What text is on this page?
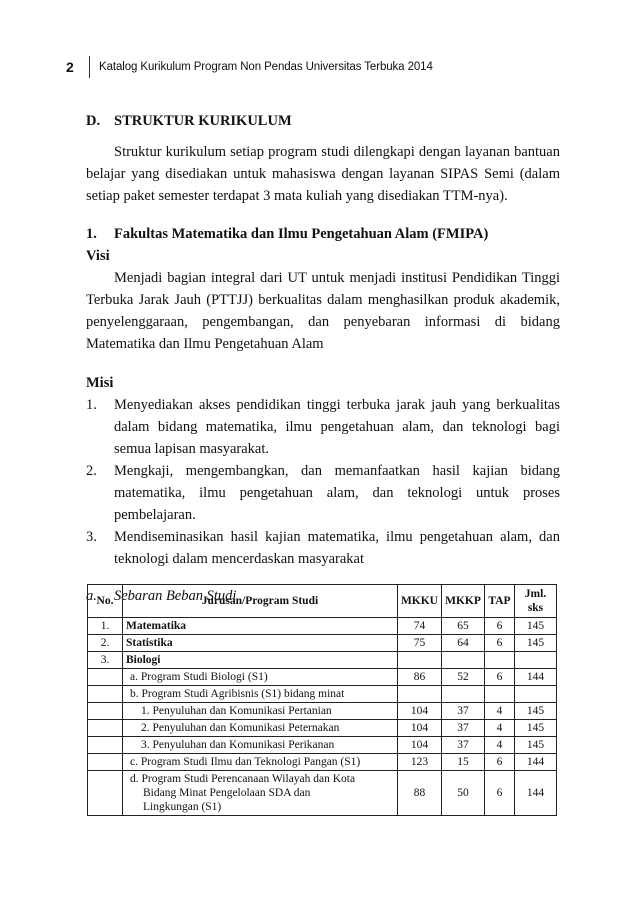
2	Katalog Kurikulum Program Non Pendas Universitas Terbuka 2014
D. STRUKTUR KURIKULUM

Struktur kurikulum setiap program studi dilengkapi dengan layanan bantuan belajar yang disediakan untuk mahasiswa dengan layanan SIPAS Semi (dalam setiap paket semester terdapat 3 mata kuliah yang disediakan TTM-nya).

1. Fakultas Matematika dan Ilmu Pengetahuan Alam (FMIPA)
Visi

Menjadi bagian integral dari UT untuk menjadi institusi Pendidikan Tinggi Terbuka Jarak Jauh (PTTJJ) berkualitas dalam menghasilkan produk akademik, penyelenggaraan, pengembangan, dan penyebaran informasi di bidang Matematika dan Ilmu Pengetahuan Alam

Misi
1. Menyediakan akses pendidikan tinggi terbuka jarak jauh yang berkualitas dalam bidang matematika, ilmu pengetahuan alam, dan teknologi bagi semua lapisan masyarakat.
2. Mengkaji, mengembangkan, dan memanfaatkan hasil kajian bidang matematika, ilmu pengetahuan alam, dan teknologi untuk proses pembelajaran.
3. Mendiseminasikan hasil kajian matematika, ilmu pengetahuan alam, dan teknologi dalam mencerdaskan masyarakat
a. Sebaran Beban Studi
No.	Jurusan/Program Studi	MKKU	MKKP	TAP	Jml. sks
1.	Matematika	74	65	6	145
2.	Statistika	75	64	6	145
3.	Biologi				
	a. Program Studi Biologi (S1)	86	52	6	144
	b. Program Studi Agribisnis (S1) bidang minat				
	1. Penyuluhan dan Komunikasi Pertanian	104	37	4	145
	2. Penyuluhan dan Komunikasi Peternakan	104	37	4	145
	3. Penyuluhan dan Komunikasi Perikanan	104	37	4	145
	c. Program Studi Ilmu dan Teknologi Pangan (S1)	123	15	6	144
	d. Program Studi Perencanaan Wilayah dan Kota Bidang Minat Pengelolaan SDA dan Lingkungan (S1)	88	50	6	144
